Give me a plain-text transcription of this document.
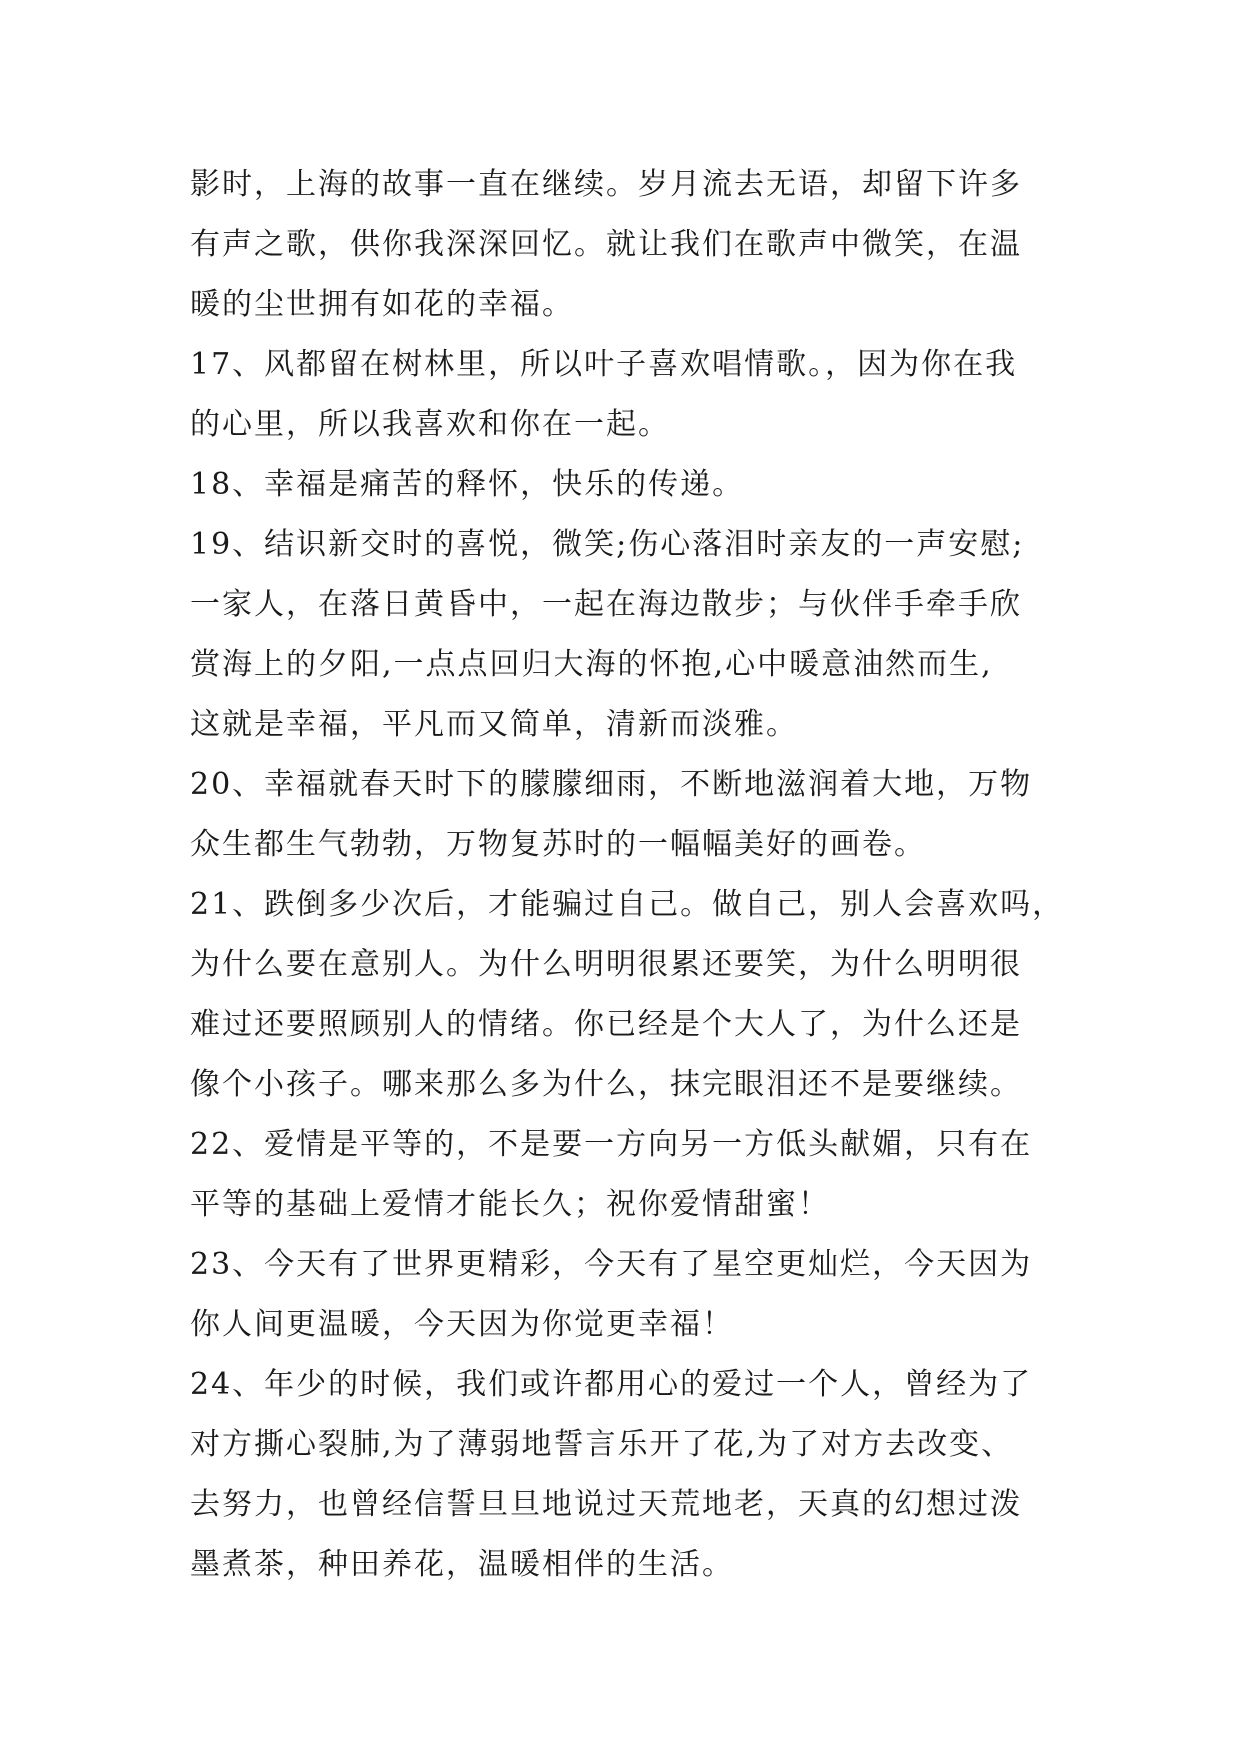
影时，上海的故事一直在继续。岁月流去无语，却留下许多
有声之歌，供你我深深回忆。就让我们在歌声中微笑，在温
暖的尘世拥有如花的幸福。
17、风都留在树林里，所以叶子喜欢唱情歌。，因为你在我
的心里，所以我喜欢和你在一起。
18、幸福是痛苦的释怀，快乐的传递。
19、结识新交时的喜悦，微笑;伤心落泪时亲友的一声安慰;
一家人，在落日黄昏中，一起在海边散步；与伙伴手牵手欣
赏海上的夕阳,一点点回归大海的怀抱,心中暖意油然而生,
这就是幸福，平凡而又简单，清新而淡雅。
20、幸福就春天时下的朦朦细雨，不断地滋润着大地，万物
众生都生气勃勃，万物复苏时的一幅幅美好的画卷。
21、跌倒多少次后，才能骗过自己。做自己，别人会喜欢吗，
为什么要在意别人。为什么明明很累还要笑，为什么明明很
难过还要照顾别人的情绪。你已经是个大人了，为什么还是
像个小孩子。哪来那么多为什么，抹完眼泪还不是要继续。
22、爱情是平等的，不是要一方向另一方低头献媚，只有在
平等的基础上爱情才能长久；祝你爱情甜蜜！
23、今天有了世界更精彩，今天有了星空更灿烂，今天因为
你人间更温暖，今天因为你觉更幸福！
24、年少的时候，我们或许都用心的爱过一个人，曾经为了
对方撕心裂肺,为了薄弱地誓言乐开了花,为了对方去改变、
去努力，也曾经信誓旦旦地说过天荒地老，天真的幻想过泼
墨煮茶，种田养花，温暖相伴的生活。
